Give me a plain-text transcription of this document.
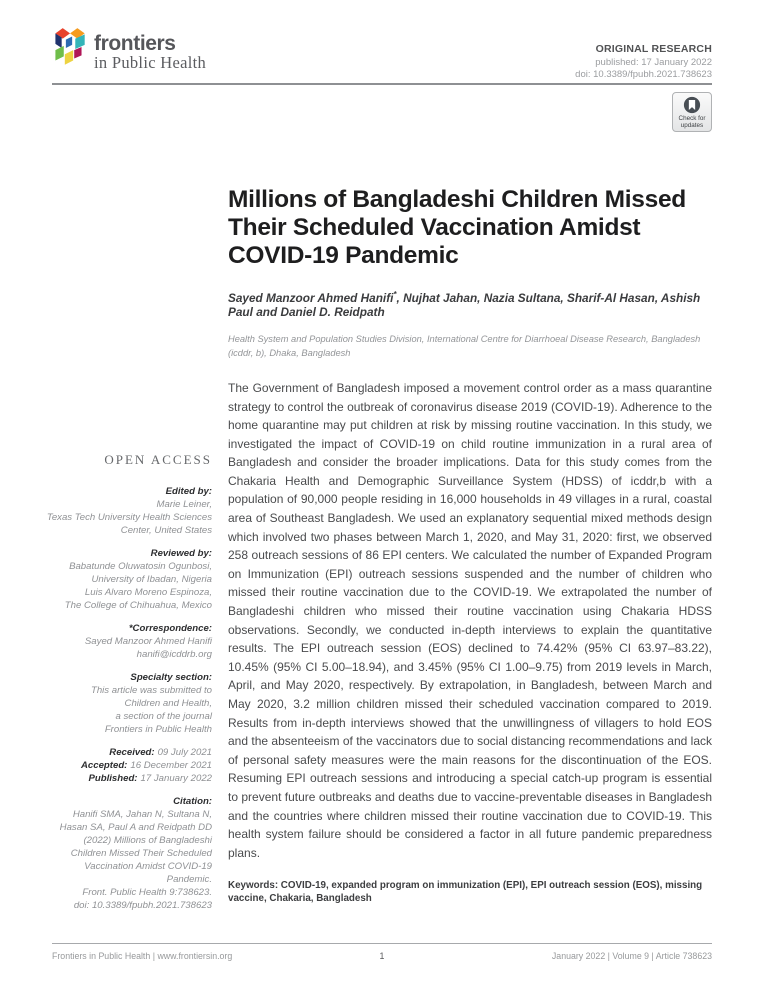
frontiers
in Public Health
ORIGINAL RESEARCH
published: 17 January 2022
doi: 10.3389/fpubh.2021.738623
Check for
updates
OPEN ACCESS
Edited by:
Marie Leiner,
Texas Tech University Health Sciences
Center, United States
Reviewed by:
Babatunde Oluwatosin Ogunbosi,
University of Ibadan, Nigeria
Luis Alvaro Moreno Espinoza,
The College of Chihuahua, Mexico
*Correspondence:
Sayed Manzoor Ahmed Hanifi
hanifi@icddrb.org
Specialty section:
This article was submitted to
Children and Health,
a section of the journal
Frontiers in Public Health
Received: 09 July 2021
Accepted: 16 December 2021
Published: 17 January 2022
Citation:
Hanifi SMA, Jahan N, Sultana N,
Hasan SA, Paul A and Reidpath DD
(2022) Millions of Bangladeshi
Children Missed Their Scheduled
Vaccination Amidst COVID-19
Pandemic.
Front. Public Health 9:738623.
doi: 10.3389/fpubh.2021.738623
Millions of Bangladeshi Children Missed Their Scheduled Vaccination Amidst COVID-19 Pandemic
Sayed Manzoor Ahmed Hanifi*, Nujhat Jahan, Nazia Sultana, Sharif-Al Hasan, Ashish Paul and Daniel D. Reidpath
Health System and Population Studies Division, International Centre for Diarrhoeal Disease Research, Bangladesh (icddr, b), Dhaka, Bangladesh
The Government of Bangladesh imposed a movement control order as a mass quarantine strategy to control the outbreak of coronavirus disease 2019 (COVID-19). Adherence to the home quarantine may put children at risk by missing routine vaccination. In this study, we investigated the impact of COVID-19 on child routine immunization in a rural area of Bangladesh and consider the broader implications. Data for this study comes from the Chakaria Health and Demographic Surveillance System (HDSS) of icddr,b with a population of 90,000 people residing in 16,000 households in 49 villages in a rural, coastal area of Southeast Bangladesh. We used an explanatory sequential mixed methods design which involved two phases between March 1, 2020, and May 31, 2020: first, we observed 258 outreach sessions of 86 EPI centers. We calculated the number of Expanded Program on Immunization (EPI) outreach sessions suspended and the number of children who missed their routine vaccination due to the COVID-19. We extrapolated the number of Bangladeshi children who missed their routine vaccination using Chakaria HDSS observations. Secondly, we conducted in-depth interviews to explain the quantitative results. The EPI outreach session (EOS) declined to 74.42% (95% CI 63.97–83.22), 10.45% (95% CI 5.00–18.94), and 3.45% (95% CI 1.00–9.75) from 2019 levels in March, April, and May 2020, respectively. By extrapolation, in Bangladesh, between March and May 2020, 3.2 million children missed their scheduled vaccination compared to 2019. Results from in-depth interviews showed that the unwillingness of villagers to hold EOS and the absenteeism of the vaccinators due to social distancing recommendations and lack of personal safety measures were the main reasons for the discontinuation of the EOS. Resuming EPI outreach sessions and introducing a special catch-up program is essential to prevent future outbreaks and deaths due to vaccine-preventable diseases in Bangladesh and the countries where children missed their routine vaccination due to COVID-19. This health system failure should be considered a factor in all future pandemic preparedness plans.
Keywords: COVID-19, expanded program on immunization (EPI), EPI outreach session (EOS), missing vaccine, Chakaria, Bangladesh
Frontiers in Public Health | www.frontiersin.org	1	January 2022 | Volume 9 | Article 738623
